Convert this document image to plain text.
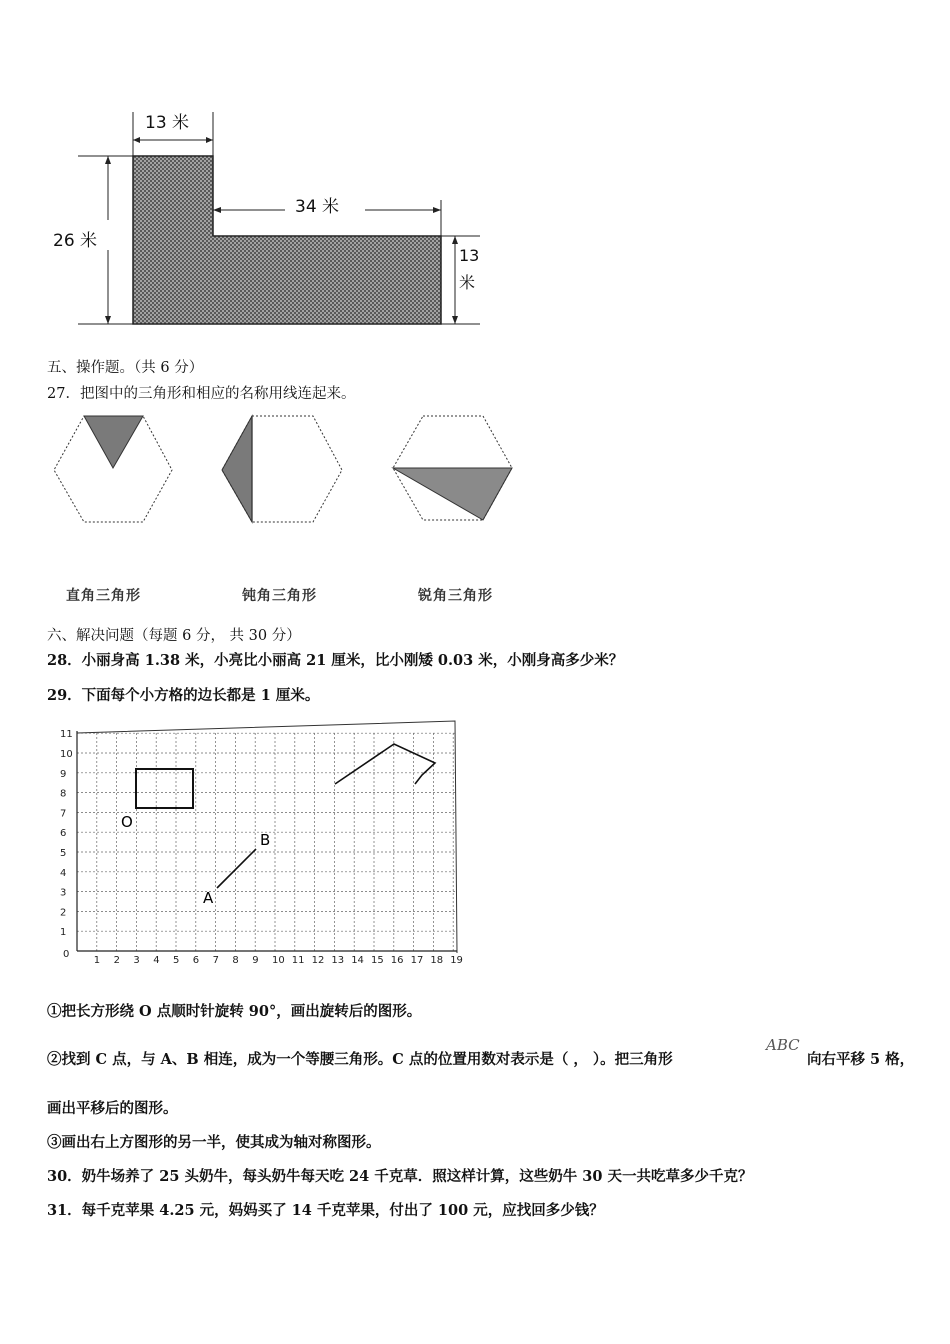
13 米
26 米
34 米
13
米
五、操作题。（共 6 分）
27．把图中的三角形和相应的名称用线连起来。
直角三角形	钝角三角形	锐角三角形
六、解决问题（每题 6 分， 共 30 分）
28．小丽身高 1.38 米，小亮比小丽高 21 厘米，比小刚矮 0.03 米，小刚身高多少米？
29．下面每个小方格的边长都是 1 厘米。
0
1 2 3 4 5 6 7 8 9 10 11 12 13 14 15 16 17 18 19
1
2
3
4
5
6
7
8
9
10
11
O
A
B
①把长方形绕 O 点顺时针旋转 90°，画出旋转后的图形。
②找到 C 点，与 A、B 相连，成为一个等腰三角形。C 点的位置用数对表示是（ ， ）。把三角形
ABC
向右平移 5 格，
画出平移后的图形。
③画出右上方图形的另一半，使其成为轴对称图形。
30．奶牛场养了 25 头奶牛，每头奶牛每天吃 24 千克草．照这样计算，这些奶牛 30 天一共吃草多少千克？
31．每千克苹果 4.25 元，妈妈买了 14 千克苹果，付出了 100 元，应找回多少钱？
